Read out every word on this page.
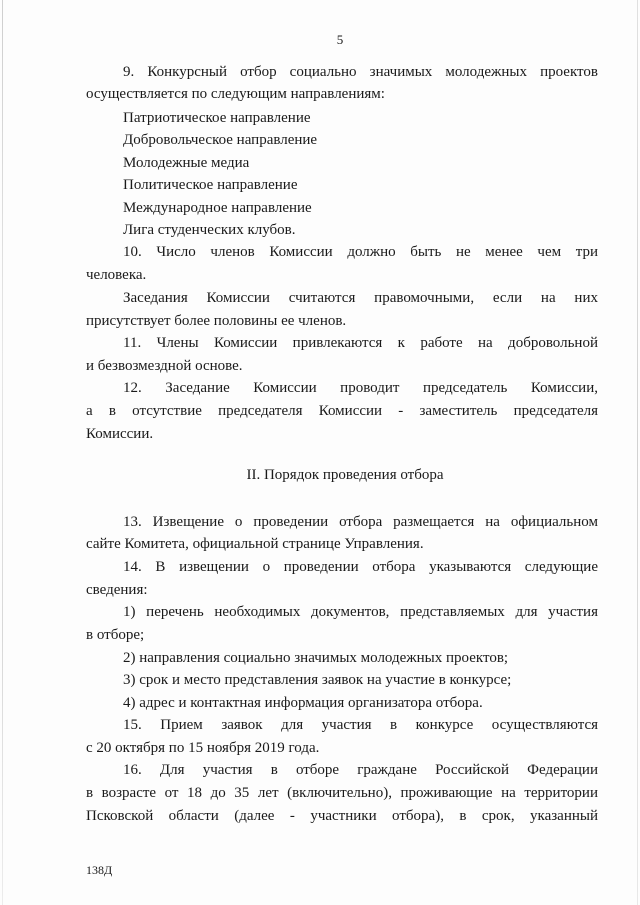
5
9. Конкурсный отбор социально значимых молодежных проектов
осуществляется по следующим направлениям:
Патриотическое направление
Добровольческое направление
Молодежные медиа
Политическое направление
Международное направление
Лига студенческих клубов.
10. Число членов Комиссии должно быть не менее чем три
человека.
Заседания Комиссии считаются правомочными, если на них
присутствует более половины ее членов.
11. Члены Комиссии привлекаются к работе на добровольной
и безвозмездной основе.
12. Заседание Комиссии проводит председатель Комиссии,
а в отсутствие председателя Комиссии - заместитель председателя
Комиссии.
II. Порядок проведения отбора
13. Извещение о проведении отбора размещается на официальном
сайте Комитета, официальной странице Управления.
14. В извещении о проведении отбора указываются следующие
сведения:
1) перечень необходимых документов, представляемых для участия
в отборе;
2) направления социально значимых молодежных проектов;
3) срок и место представления заявок на участие в конкурсе;
4) адрес и контактная информация организатора отбора.
15. Прием заявок для участия в конкурсе осуществляются
с 20 октября по 15 ноября 2019 года.
16. Для участия в отборе граждане Российской Федерации
в возрасте от 18 до 35 лет (включительно), проживающие на территории
Псковской области (далее - участники отбора), в срок, указанный
138Д
